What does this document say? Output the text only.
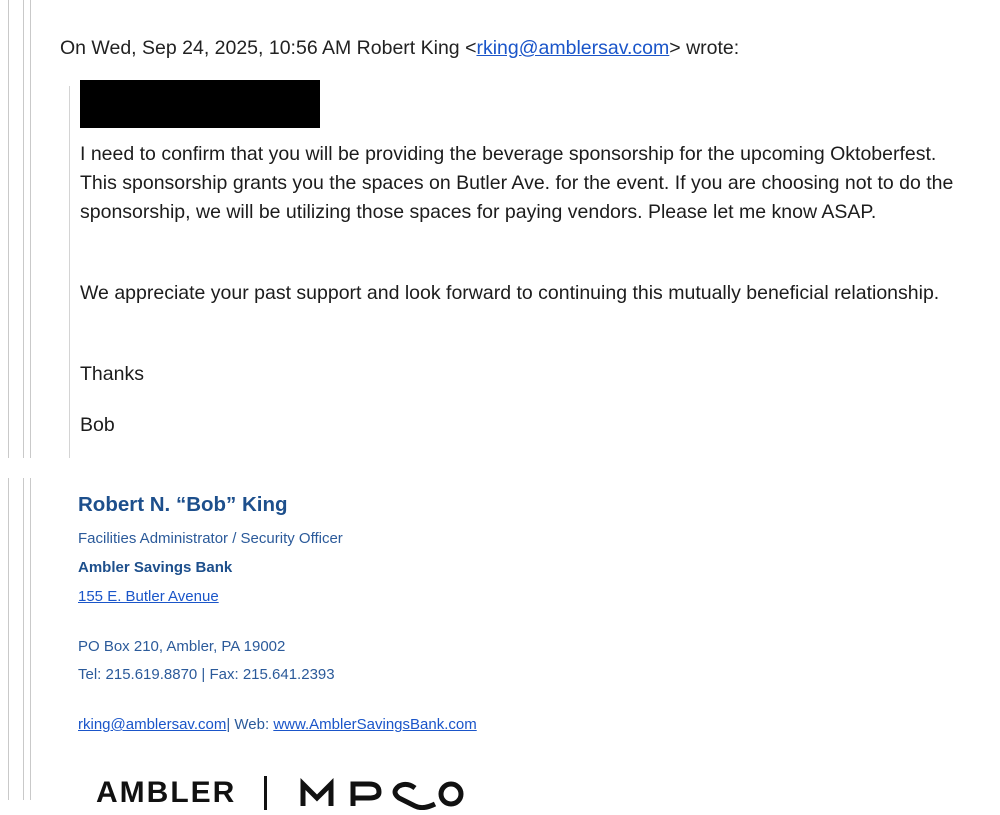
On Wed, Sep 24, 2025, 10:56 AM Robert King <rking@amblersav.com> wrote:

I need to confirm that you will be providing the beverage sponsorship for the upcoming Oktoberfest. This sponsorship grants you the spaces on Butler Ave. for the event. If you are choosing not to do the sponsorship, we will be utilizing those spaces for paying vendors. Please let me know ASAP.

We appreciate your past support and look forward to continuing this mutually beneficial relationship.

Thanks

Bob

Robert N. “Bob” King
Facilities Administrator / Security Officer
Ambler Savings Bank
155 E. Butler Avenue
PO Box 210, Ambler, PA 19002
Tel: 215.619.8870 | Fax: 215.641.2393
rking@amblersav.com| Web: www.AmblerSavingsBank.com
AMBLER
